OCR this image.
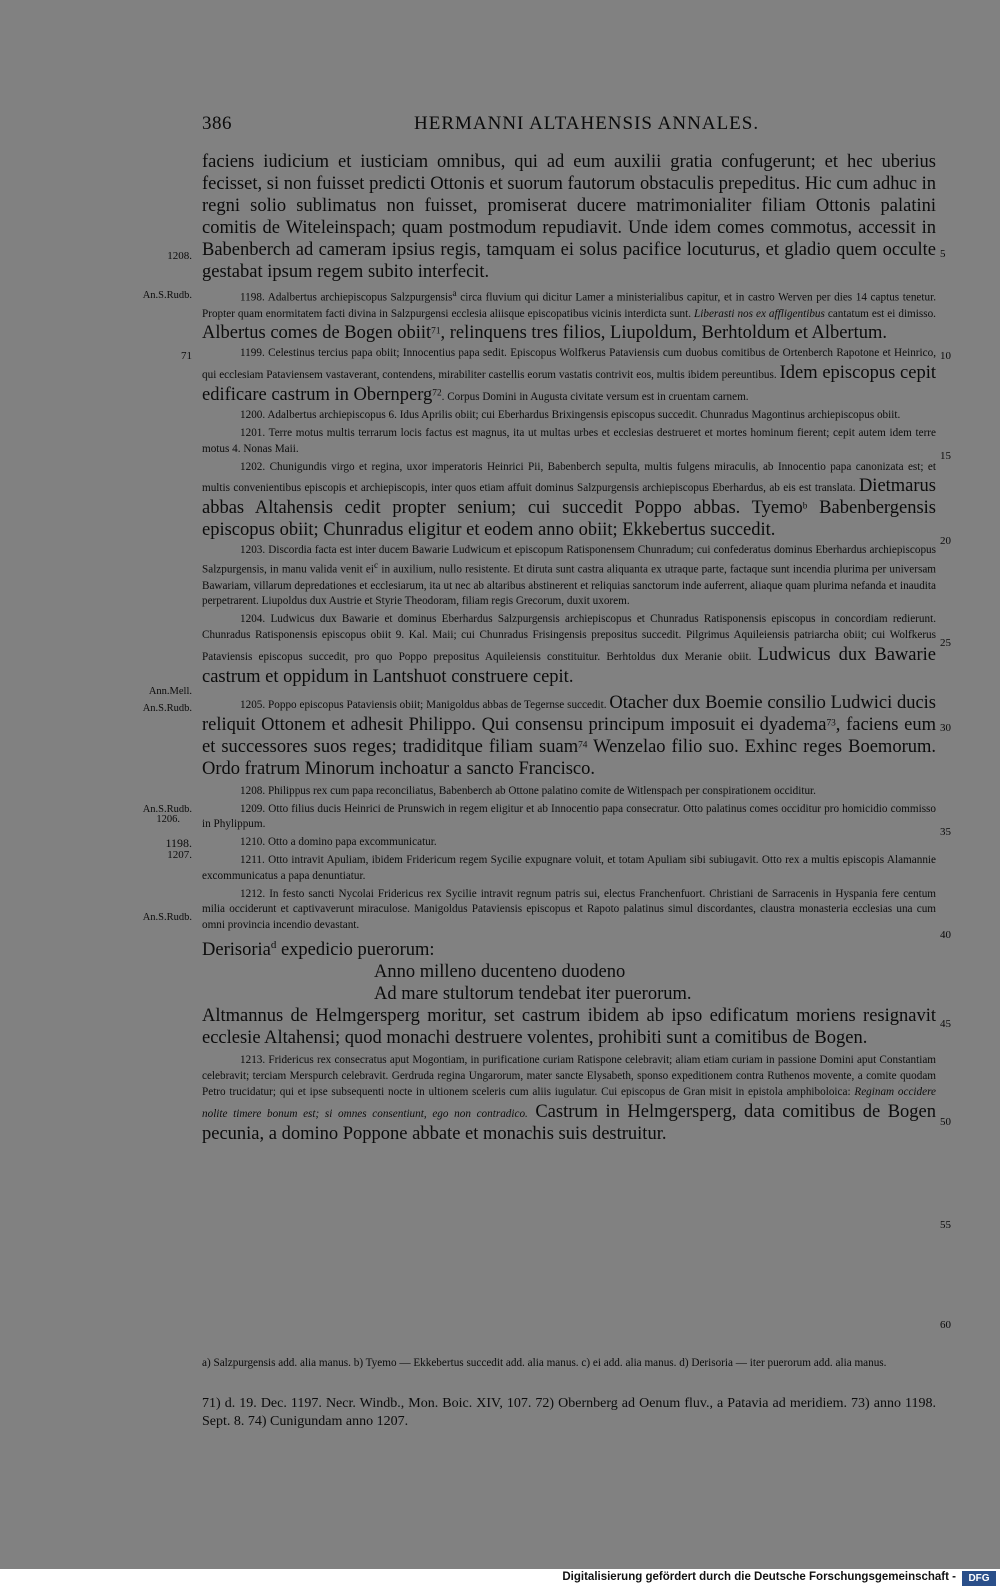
386	HERMANNI ALTAHENSIS ANNALES.
1208.
An.S.Rudb.
71
Ann.Mell.
An.S.Rudb.
An.S.Rudb.
1206.
1198.
1207.
An.S.Rudb.
5
10
15
20
25
30
35
40
45
50
55
60

faciens iudicium et iusticiam omnibus, qui ad eum auxilii gratia confugerunt; et hec uberius fecisset, si non fuisset predicti Ottonis et suorum fautorum obstaculis prepeditus. Hic cum adhuc in regni solio sublimatus non fuisset, promiserat ducere matrimonialiter filiam Ottonis palatini comitis de Witeleinspach; quam postmodum repudiavit. Unde idem comes commotus, accessit in Babenberch ad cameram ipsius regis, tamquam ei solus pacifice locuturus, et gladio quem occulte gestabat ipsum regem subito interfecit.

1198. Adalbertus archiepiscopus Salzpurgensis$^a$ circa fluvium qui dicitur Lamer a ministerialibus capitur, et in castro Werven per dies 14 captus tenetur. Propter quam enormitatem facti divina in Salzpurgensi ecclesia aliisque episcopatibus vicinis interdicta sunt. Liberasti nos ex affligentibus cantatum est ei dimisso. Albertus comes de Bogen obiit$^{71}$, relinquens tres filios, Liupoldum, Berhtoldum et Albertum.

1199. Celestinus tercius papa obiit; Innocentius papa sedit. Episcopus Wolfkerus Pataviensis cum duobus comitibus de Ortenberch Rapotone et Heinrico, qui ecclesiam Pataviensem vastaverant, contendens, mirabiliter castellis eorum vastatis contrivit eos, multis ibidem pereuntibus. Idem episcopus cepit edificare castrum in Obernperg$^{72}$. Corpus Domini in Augusta civitate versum est in cruentam carnem.

1200. Adalbertus archiepiscopus 6. Idus Aprilis obiit; cui Eberhardus Brixingensis episcopus succedit. Chunradus Magontinus archiepiscopus obiit.

1201. Terre motus multis terrarum locis factus est magnus, ita ut multas urbes et ecclesias destrueret et mortes hominum fierent; cepit autem idem terre motus 4. Nonas Maii.

1202. Chunigundis virgo et regina, uxor imperatoris Heinrici Pii, Babenberch sepulta, multis fulgens miraculis, ab Innocentio papa canonizata est; et multis convenientibus episcopis et archiepiscopis, inter quos etiam affuit dominus Salzpurgensis archiepiscopus Eberhardus, ab eis est translata. Dietmarus abbas Altahensis cedit propter senium; cui succedit Poppo abbas. Tyemo$^b$ Babenbergensis episcopus obiit; Chunradus eligitur et eodem anno obiit; Ekkebertus succedit.

1203. Discordia facta est inter ducem Bawarie Ludwicum et episcopum Ratisponensem Chunradum; cui confederatus dominus Eberhardus archiepiscopus Salzpurgensis, in manu valida venit $ei^c$ in auxilium, nullo resistente. Et diruta sunt castra aliquanta ex utraque parte, factaque sunt incendia plurima per universam Bawariam, villarum depredationes et ecclesiarum, ita ut nec ab altaribus abstinerent et reliquias sanctorum inde auferrent, aliaque quam plurima nefanda et inaudita perpetrarent. Liupoldus dux Austrie et Styrie Theodoram, filiam regis Grecorum, duxit uxorem.

1204. Ludwicus dux Bawarie et dominus Eberhardus Salzpurgensis archiepiscopus et Chunradus Ratisponensis episcopus in concordiam redierunt. Chunradus Ratisponensis episcopus obiit 9. Kal. Maii; cui Chunradus Frisingensis prepositus succedit. Pilgrimus Aquileiensis patriarcha obiit; cui Wolfkerus Pataviensis episcopus succedit, pro quo Poppo prepositus Aquileiensis constituitur. Berhtoldus dux Meranie obiit. Ludwicus dux Bawarie castrum et oppidum in Lantshuot construere cepit.

1205. Poppo episcopus Pataviensis obiit; Manigoldus abbas de Tegernse succedit. Otacher dux Boemie consilio Ludwici ducis reliquit Ottonem et adhesit Philippo. Qui consensu principum imposuit ei dyadema$^{73}$, faciens eum et successores suos reges; tradiditque filiam suam$^{74}$ Wenzelao filio suo. Exhinc reges Boemorum. Ordo fratrum Minorum inchoatur a sancto Francisco.

1208. Philippus rex cum papa reconciliatus, Babenberch ab Ottone palatino comite de Witlenspach per conspirationem occiditur.

1209. Otto filius ducis Heinrici de Prunswich in regem eligitur et ab Innocentio papa consecratur. Otto palatinus comes occiditur pro homicidio commisso in Phylippum.

1210. Otto a domino papa excommunicatur.

1211. Otto intravit Apuliam, ibidem Fridericum regem Sycilie expugnare voluit, et totam Apuliam sibi subiugavit. Otto rex a multis episcopis Alamannie excommunicatus a papa denuntiatur.

1212. In festo sancti Nycolai Fridericus rex Sycilie intravit regnum patris sui, electus Franchenfuort. Christiani de Sarracenis in Hyspania fere centum milia occiderunt et captivaverunt miraculose. Manigoldus Pataviensis episcopus et Rapoto palatinus simul discordantes, claustra monasteria ecclesias una cum omni provincia incendio devastant.

Derisoria$^d$ expedicio puerorum:

Anno milleno ducenteno duodeno

Ad mare stultorum tendebat iter puerorum.

Altmannus de Helmgersperg moritur, set castrum ibidem ab ipso edificatum moriens resignavit ecclesie Altahensi; quod monachi destruere volentes, prohibiti sunt a comitibus de Bogen.

1213. Fridericus rex consecratus aput Mogontiam, in purificatione curiam Ratispone celebravit; aliam etiam curiam in passione Domini aput Constantiam celebravit; terciam Merspurch celebravit. Gerdruda regina Ungarorum, mater sancte Elysabeth, sponso expeditionem contra Ruthenos movente, a comite quodam Petro trucidatur; qui et ipse subsequenti nocte in ultionem sceleris cum aliis iugulatur. Cui episcopus de Gran misit in epistola amphiboloica: Reginam occidere nolite timere bonum est; si omnes consentiunt, ego non contradico. Castrum in Helmgersperg, data comitibus de Bogen pecunia, a domino Poppone abbate et monachis suis destruitur.

a) Salzpurgensis add. alia manus. b) Tyemo — Ekkebertus succedit add. alia manus. c) ei add. alia manus. d) Derisoria — iter puerorum add. alia manus.
71) d. 19. Dec. 1197. Necr. Windb., Mon. Boic. XIV, 107. 72) Obernberg ad Oenum fluv., a Patavia ad meridiem. 73) anno 1198. Sept. 8. 74) Cunigundam anno 1207.
Digitalisierung gefördert durch die Deutsche Forschungsgemeinschaft -	DFG
